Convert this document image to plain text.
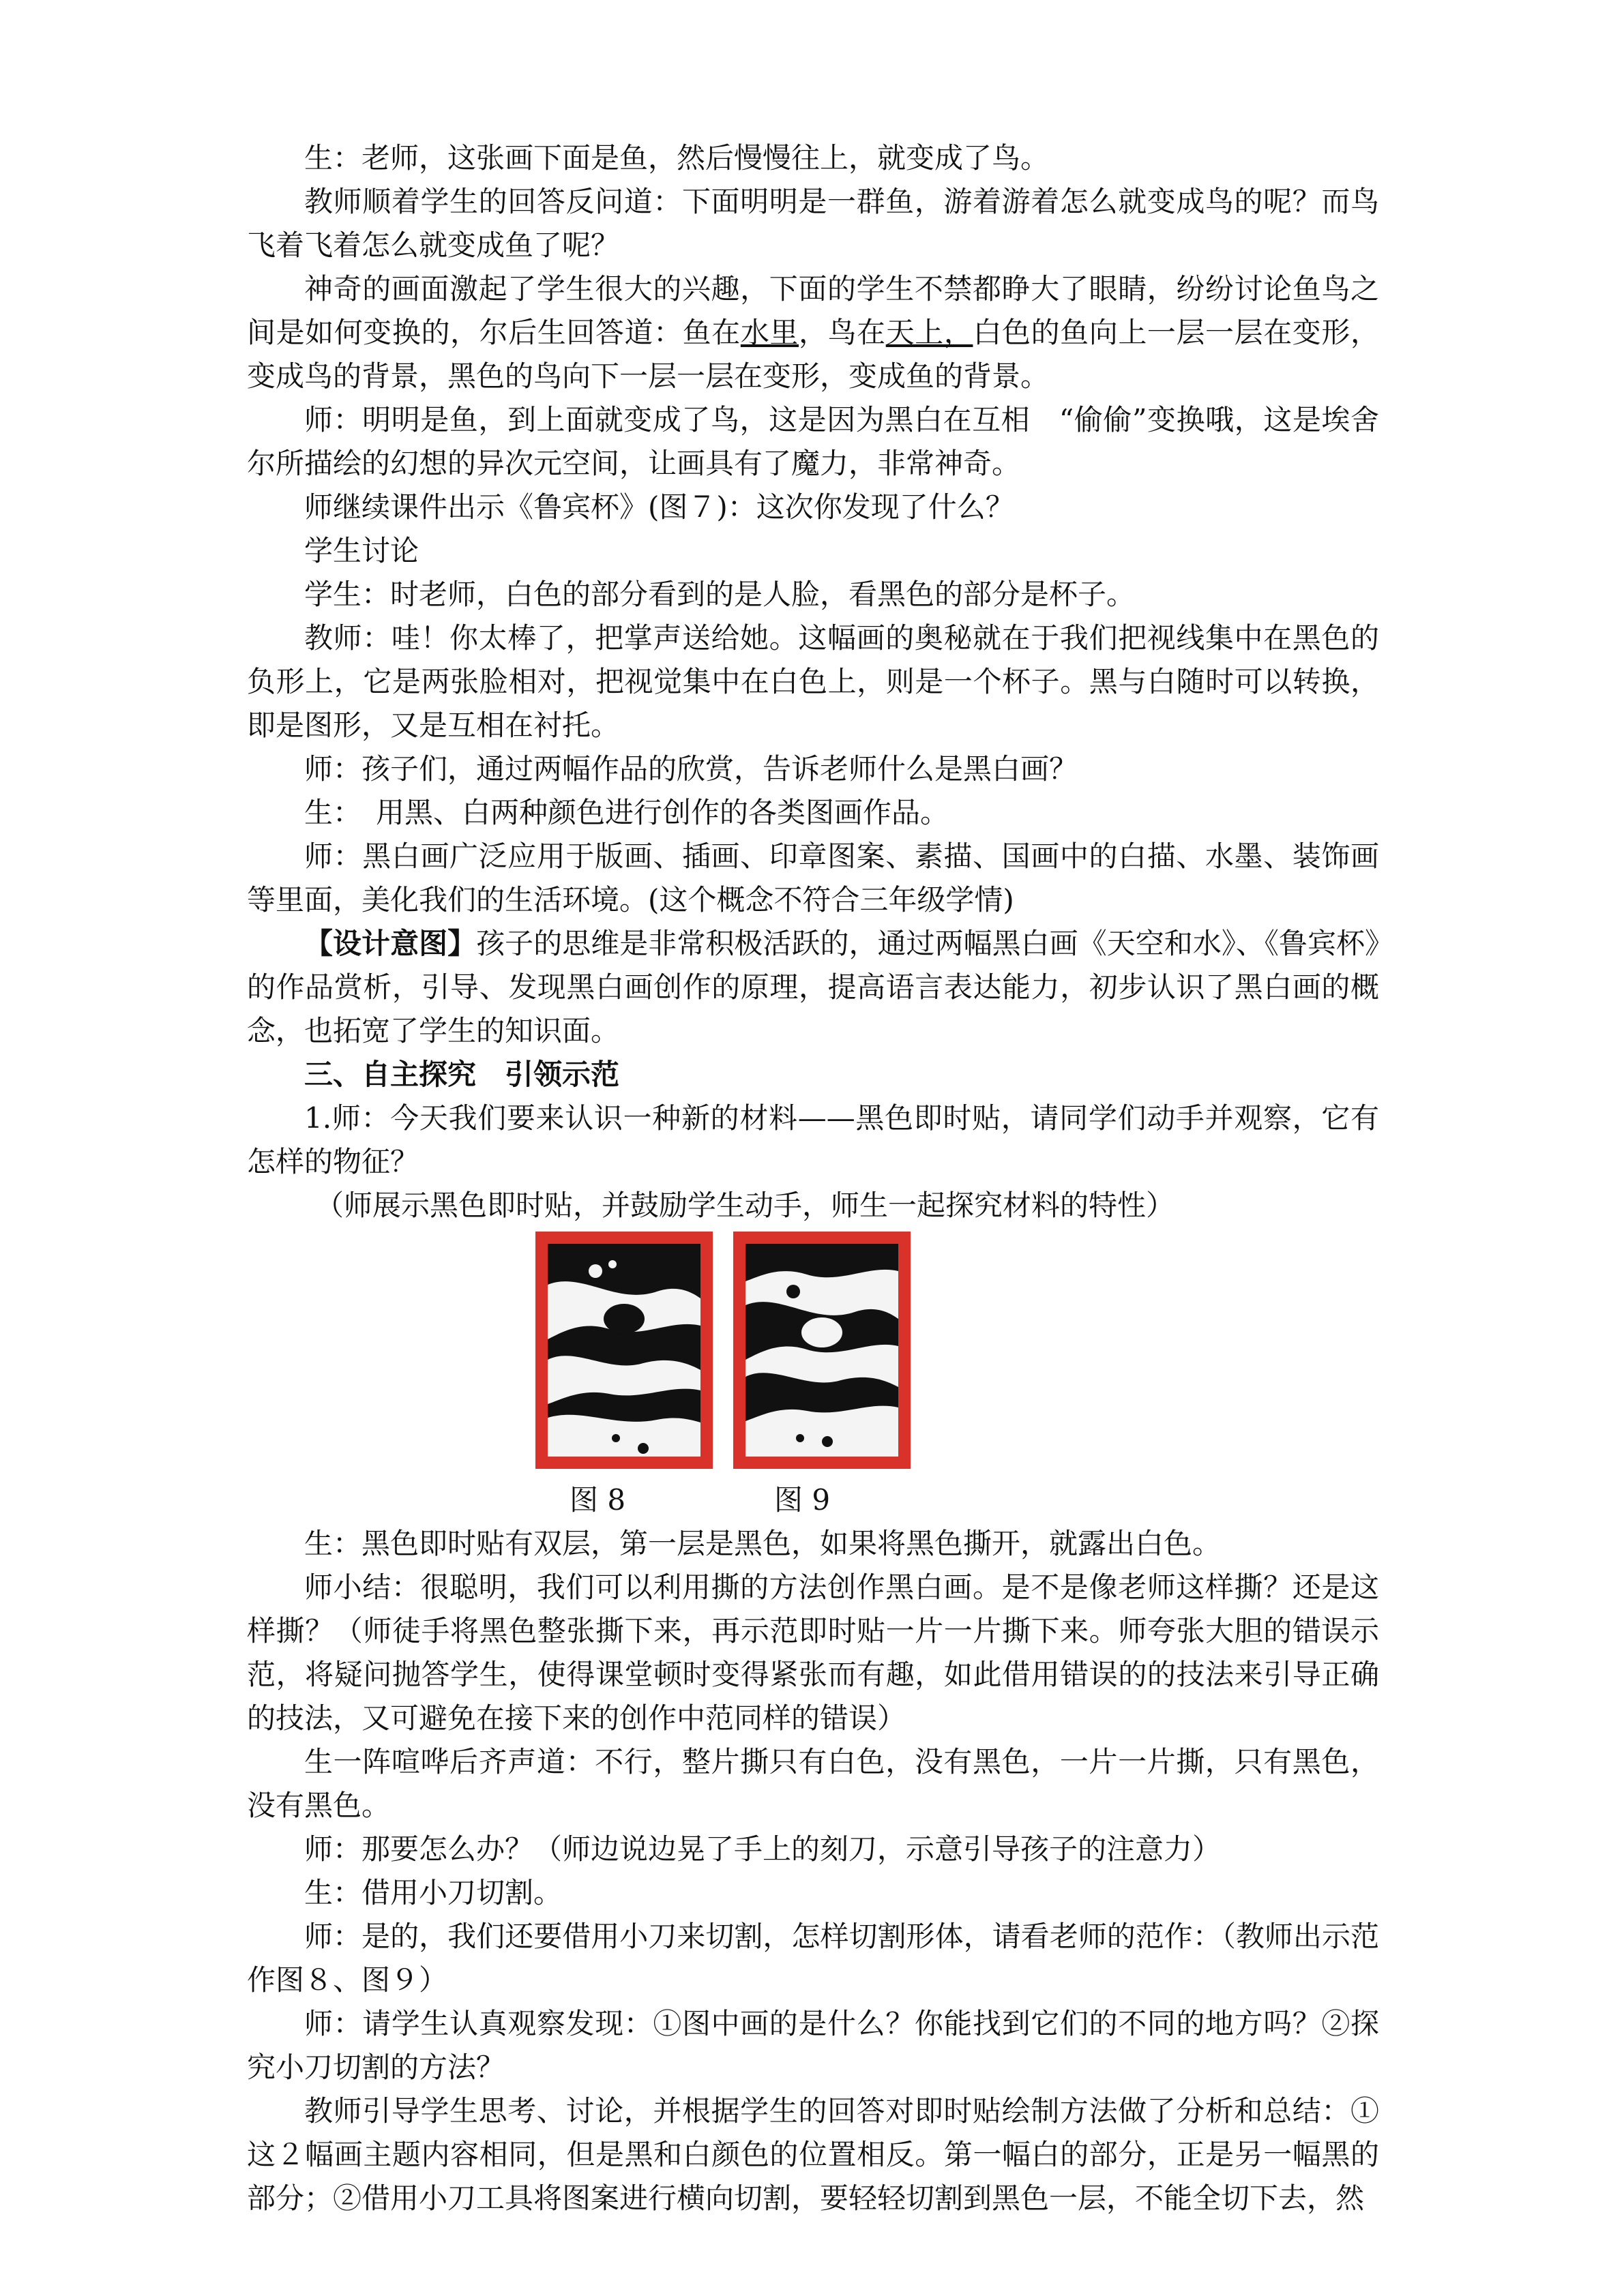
生：老师，这张画下面是鱼，然后慢慢往上，就变成了鸟。

教师顺着学生的回答反问道：下面明明是一群鱼，游着游着怎么就变成鸟的呢？而鸟飞着飞着怎么就变成鱼了呢？

神奇的画面激起了学生很大的兴趣，下面的学生不禁都睁大了眼睛，纷纷讨论鱼鸟之间是如何变换的，尔后生回答道：鱼在水里，鸟在天上，白色的鱼向上一层一层在变形，变成鸟的背景，黑色的鸟向下一层一层在变形，变成鱼的背景。

师：明明是鱼，到上面就变成了鸟，这是因为黑白在互相　“偷偷”变换哦，这是埃舍尔所描绘的幻想的异次元空间，让画具有了魔力，非常神奇。

师继续课件出示《鲁宾杯》(图７)：这次你发现了什么？

学生讨论

学生：时老师，白色的部分看到的是人脸，看黑色的部分是杯子。

教师：哇！你太棒了，把掌声送给她。这幅画的奥秘就在于我们把视线集中在黑色的负形上，它是两张脸相对，把视觉集中在白色上，则是一个杯子。黑与白随时可以转换，即是图形，又是互相在衬托。

师：孩子们，通过两幅作品的欣赏，告诉老师什么是黑白画？

生：　用黑、白两种颜色进行创作的各类图画作品。

师：黑白画广泛应用于版画、插画、印章图案、素描、国画中的白描、水墨、装饰画等里面，美化我们的生活环境。(这个概念不符合三年级学情)

【设计意图】孩子的思维是非常积极活跃的，通过两幅黑白画《天空和水》、《鲁宾杯》的作品赏析，引导、发现黑白画创作的原理，提高语言表达能力，初步认识了黑白画的概念，也拓宽了学生的知识面。

三、自主探究　引领示范

1.师：今天我们要来认识一种新的材料——黑色即时贴，请同学们动手并观察，它有怎样的物征？

（师展示黑色即时贴，并鼓励学生动手，师生一起探究材料的特性）

图 8	图 9

生：黑色即时贴有双层，第一层是黑色，如果将黑色撕开，就露出白色。

师小结：很聪明，我们可以利用撕的方法创作黑白画。是不是像老师这样撕？还是这样撕？（师徒手将黑色整张撕下来，再示范即时贴一片一片撕下来。师夸张大胆的错误示范，将疑问抛答学生，使得课堂顿时变得紧张而有趣，如此借用错误的的技法来引导正确的技法，又可避免在接下来的创作中范同样的错误）

生一阵喧哗后齐声道：不行，整片撕只有白色，没有黑色，一片一片撕，只有黑色，没有黑色。

师：那要怎么办？（师边说边晃了手上的刻刀，示意引导孩子的注意力）

生：借用小刀切割。

师：是的，我们还要借用小刀来切割，怎样切割形体，请看老师的范作：（教师出示范作图８、图９）

师：请学生认真观察发现：①图中画的是什么？你能找到它们的不同的地方吗？②探究小刀切割的方法？

教师引导学生思考、讨论，并根据学生的回答对即时贴绘制方法做了分析和总结：①这２幅画主题内容相同，但是黑和白颜色的位置相反。第一幅白的部分，正是另一幅黑的部分；②借用小刀工具将图案进行横向切割，要轻轻切割到黑色一层，不能全切下去，然
